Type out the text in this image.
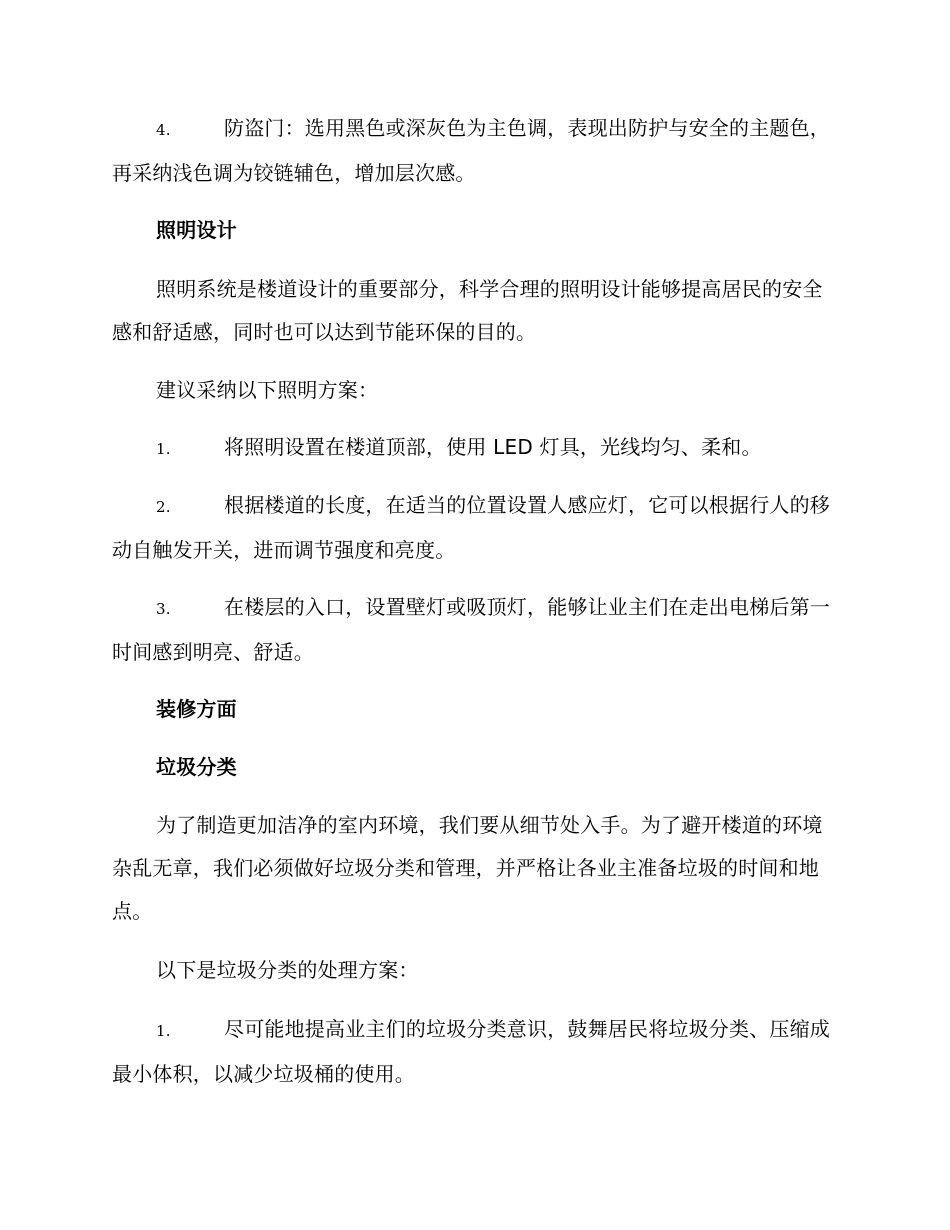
4.	防盗门：选用黑色或深灰色为主色调，表现出防护与安全的主题色，再采纳浅色调为铰链辅色，增加层次感。

照明设计

照明系统是楼道设计的重要部分，科学合理的照明设计能够提高居民的安全感和舒适感，同时也可以达到节能环保的目的。

建议采纳以下照明方案：

1.	将照明设置在楼道顶部，使用 LED 灯具，光线均匀、柔和。

2.	根据楼道的长度，在适当的位置设置人感应灯，它可以根据行人的移动自触发开关，进而调节强度和亮度。

3.	在楼层的入口，设置壁灯或吸顶灯，能够让业主们在走出电梯后第一时间感到明亮、舒适。

装修方面

垃圾分类

为了制造更加洁净的室内环境，我们要从细节处入手。为了避开楼道的环境杂乱无章，我们必须做好垃圾分类和管理，并严格让各业主准备垃圾的时间和地点。

以下是垃圾分类的处理方案：

1.	尽可能地提高业主们的垃圾分类意识，鼓舞居民将垃圾分类、压缩成最小体积，以减少垃圾桶的使用。
